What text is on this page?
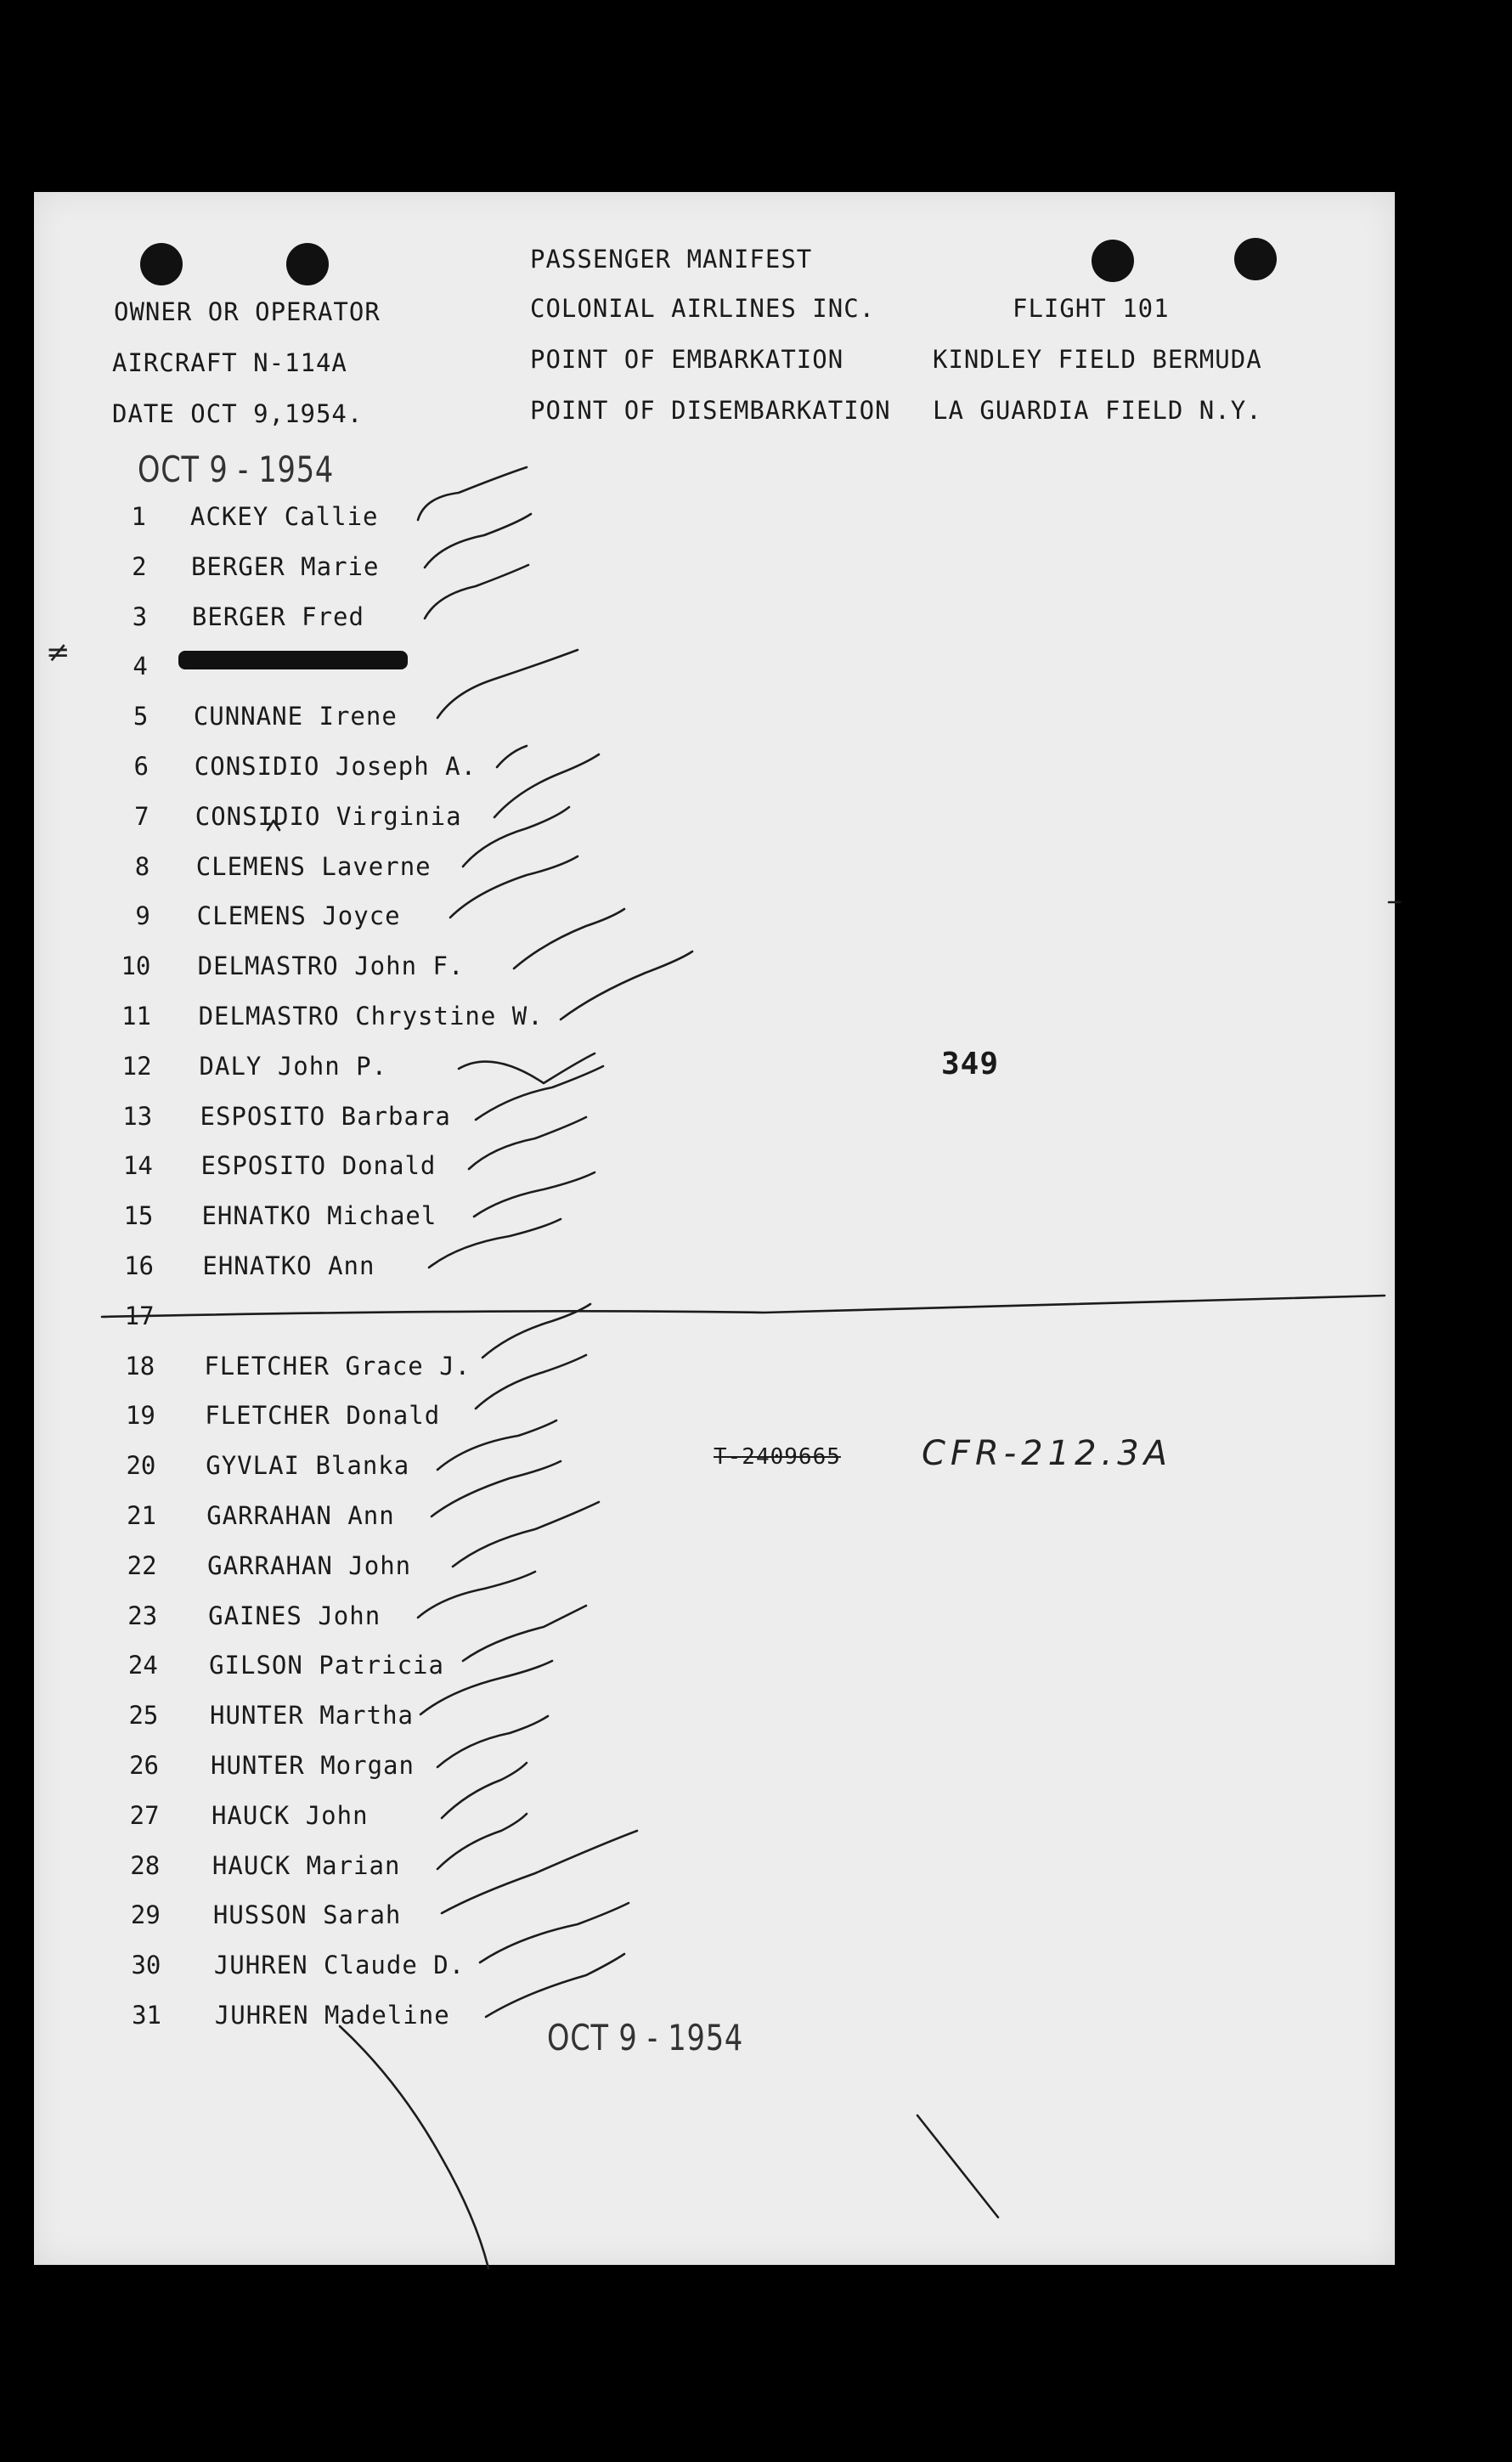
PASSENGER MANIFEST
OWNER OR OPERATOR	COLONIAL AIRLINES INC.	FLIGHT 101
AIRCRAFT N-114A	POINT OF EMBARKATION	KINDLEY FIELD BERMUDA
DATE OCT 9,1954.	POINT OF DISEMBARKATION LA GUARDIA FIELD N.Y.
OCT 9 - 1954
OCT 9 - 1954
349
T-2409665 CFR-212.3A
1 ACKEY Callie
2 BERGER Marie
3 BERGER Fred
4
5 CUNNANE Irene
6 CONSIDIO Joseph A.
7 CONSIDIO Virginia
8 CLEMENS Laverne
9 CLEMENS Joyce
10 DELMASTRO John F.
11 DELMASTRO Chrystine W.
12 DALY John P.
13 ESPOSITO Barbara
14 ESPOSITO Donald
15 EHNATKO Michael
16 EHNATKO Ann
17
18 FLETCHER Grace J.
19 FLETCHER Donald
20 GYVLAI Blanka
21 GARRAHAN Ann
22 GARRAHAN John
23 GAINES John
24 GILSON Patricia
25 HUNTER Martha
26 HUNTER Morgan
27 HAUCK John
28 HAUCK Marian
29 HUSSON Sarah
30 JUHREN Claude D.
31 JUHREN Madeline
≠
